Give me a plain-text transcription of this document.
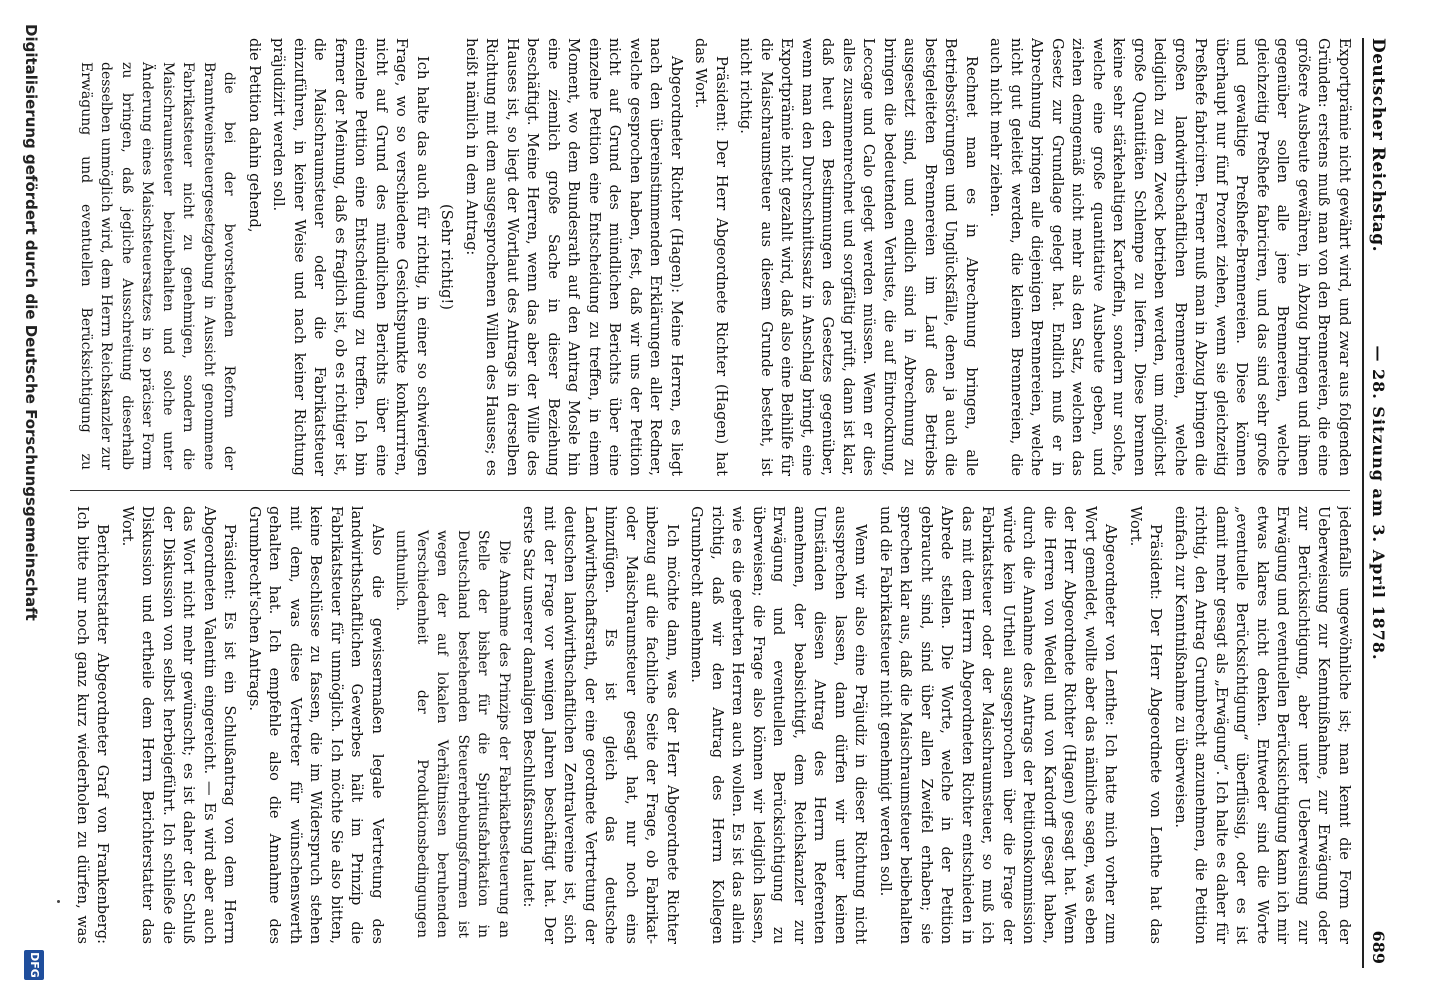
Deutscher Reichstag.
— 28. Sitzung am 3. April 1878.
689

Exportprämie nicht gewährt wird, und zwar aus folgenden Gründen: erstens muß man von den Brennereien, die eine größere Ausbeute gewähren, in Abzug bringen und ihnen gegenüber sollen alle jene Brennereien, welche gleichzeitig Preßhefe fabriciren, und das sind sehr große und gewaltige Preßhefe-Brennereien. Diese können überhaupt nur fünf Prozent ziehen, wenn sie gleichzeitig Preßhefe fabriciren. Ferner muß man in Abzug bringen die großen landwirthschaftlichen Brennereien, welche lediglich zu dem Zweck betrieben werden, um möglichst große Quantitäten Schlempe zu liefern. Diese brennen keine sehr stärkehaltigen Kartoffeln, sondern nur solche, welche eine große quantitative Ausbeute geben, und ziehen demgemäß nicht mehr als den Satz, welchen das Gesetz zur Grundlage gelegt hat. Endlich muß er in Abrechnung bringen alle diejenigen Brennereien, welche nicht gut geleitet werden, die kleinen Brennereien, die auch nicht mehr ziehen.

Rechnet man es in Abrechnung bringen, alle Betriebsstörungen und Unglücksfälle, denen ja auch die bestgeleiteten Brennereien im Lauf des Betriebs ausgesetzt sind, und endlich sind in Abrechnung zu bringen die bedeutenden Verluste, die auf Eintrocknung, Leccage und Calo gelegt werden müssen. Wenn er dies alles zusammenrechnet und sorgfältig prüft, dann ist klar, daß heut den Bestimmungen des Gesetzes gegenüber, wenn man den Durchschnittssatz in Anschlag bringt, eine Exportprämie nicht gezahlt wird, daß also eine Beihilfe für die Maischraumsteuer aus diesem Grunde besteht, ist nicht richtig.

Präsident: Der Herr Abgeordnete Richter (Hagen) hat das Wort.

Abgeordneter Richter (Hagen): Meine Herren, es liegt nach den übereinstimmenden Erklärungen aller Redner, welche gesprochen haben, fest, daß wir uns der Petition nicht auf Grund des mündlichen Berichts über eine einzelne Petition eine Entscheidung zu treffen, in einem Moment, wo dem Bundesrath auf den Antrag Mosle hin eine ziemlich große Sache in dieser Beziehung beschäftigt. Meine Herren, wenn das aber der Wille des Hauses ist, so liegt der Wortlaut des Antrags in derselben Richtung mit dem ausgesprochenen Willen des Hauses; es heißt nämlich in dem Antrag:

(Sehr richtig!)

Ich halte das auch für richtig, in einer so schwierigen Frage, wo so verschiedene Gesichtspunkte konkurriren, nicht auf Grund des mündlichen Berichts über eine einzelne Petition eine Entscheidung zu treffen. Ich bin ferner der Meinung, daß es fraglich ist, ob es richtiger ist, die Maischraumsteuer oder die Fabrikatsteuer einzuführen, in keiner Weise und nach keiner Richtung präjudizirt werden soll.

die Petition dahin gehend,

die bei der bevorstehenden Reform der Branntweinsteuergesetzgebung in Aussicht genommene Fabrikatsteuer nicht zu genehmigen, sondern die Maischraumsteuer beizubehalten und solche unter Änderung eines Maischsteuersatzes in so präciser Form zu bringen, daß jegliche Ausschreitung dieserhalb desselben unmöglich wird, dem Herrn Reichskanzler zur Erwägung und eventuellen Berücksichtigung zu

jedenfalls ungewöhnliche ist; man kennt die Form der Ueberweisung zur Kenntnißnahme, zur Erwägung oder zur Berücksichtigung, aber unter Ueberweisung zur Erwägung und eventuellen Berücksichtigung kann ich mir etwas klares nicht denken. Entweder sind die Worte „eventuelle Berücksichtigung“ überflüssig, oder es ist damit mehr gesagt als „Erwägung“. Ich halte es daher für richtig, den Antrag Grumbrecht anzunehmen, die Petition einfach zur Kenntnißnahme zu überweisen.

Präsident: Der Herr Abgeordnete von Lenthe hat das Wort.

Abgeordneter von Lenthe: Ich hatte mich vorher zum Wort gemeldet, wollte aber das nämliche sagen, was eben der Herr Abgeordnete Richter (Hagen) gesagt hat. Wenn die Herren von Wedell und von Kardorff gesagt haben, durch die Annahme des Antrags der Petitionskommission würde kein Urtheil ausgesprochen über die Frage der Fabrikatsteuer oder der Maischraumsteuer, so muß ich das mit dem Herrn Abgeordneten Richter entschieden in Abrede stellen. Die Worte, welche in der Petition gebraucht sind, sind über allen Zweifel erhaben; sie sprechen klar aus, daß die Maischraumsteuer beibehalten und die Fabrikatsteuer nicht genehmigt werden soll.

Wenn wir also eine Präjudiz in dieser Richtung nicht aussprechen lassen, dann dürfen wir unter keinen Umständen diesen Antrag des Herrn Referenten annehmen, der beabsichtigt, dem Reichskanzler zur Erwägung und eventuellen Berücksichtigung zu überweisen; die Frage also können wir lediglich lassen, wie es die geehrten Herren auch wollen. Es ist das allein richtig, daß wir den Antrag des Herrn Kollegen Grumbrecht annehmen.

Ich möchte dann, was der Herr Abgeordnete Richter inbezug auf die fachliche Seite der Frage, ob Fabrikat- oder Maischraumsteuer gesagt hat, nur noch eins hinzufügen. Es ist gleich das deutsche Landwirthschaftsrath, der eine geordnete Vertretung der deutschen landwirthschaftlichen Zentralvereine ist, sich mit der Frage vor wenigen Jahren beschäftigt hat. Der erste Satz unserer damaligen Beschlußfassung lautet:

Die Annahme des Prinzips der Fabrikatbesteuerung an Stelle der bisher für die Spiritusfabrikation in Deutschland bestehenden Steuererhebungsformen ist wegen der auf lokalen Verhältnissen beruhenden Verschiedenheit der Produktionsbedingungen unthunlich.

Also die gewissermaßen legale Vertretung des landwirthschaftlichen Gewerbes hält im Prinzip die Fabrikatsteuer für unmöglich. Ich möchte Sie also bitten, keine Beschlüsse zu fassen, die im Widerspruch stehen mit dem, was diese Vertreter für wünschenswerth gehalten hat. Ich empfehle also die Annahme des Grumbrecht'schen Antrags.

Präsident: Es ist ein Schlußantrag von dem Herrn Abgeordneten Valentin eingereicht. — Es wird aber auch das Wort nicht mehr gewünscht; es ist daher der Schluß der Diskussion von selbst herbeigeführt. Ich schließe die Diskussion und ertheile dem Herrn Berichterstatter das Wort.

Berichterstatter Abgeordneter Graf von Frankenberg: Ich bitte nur noch ganz kurz wiederholen zu dürfen, was

Digitalisierung gefördert durch die Deutsche Forschungsgemeinschaft
DFG
